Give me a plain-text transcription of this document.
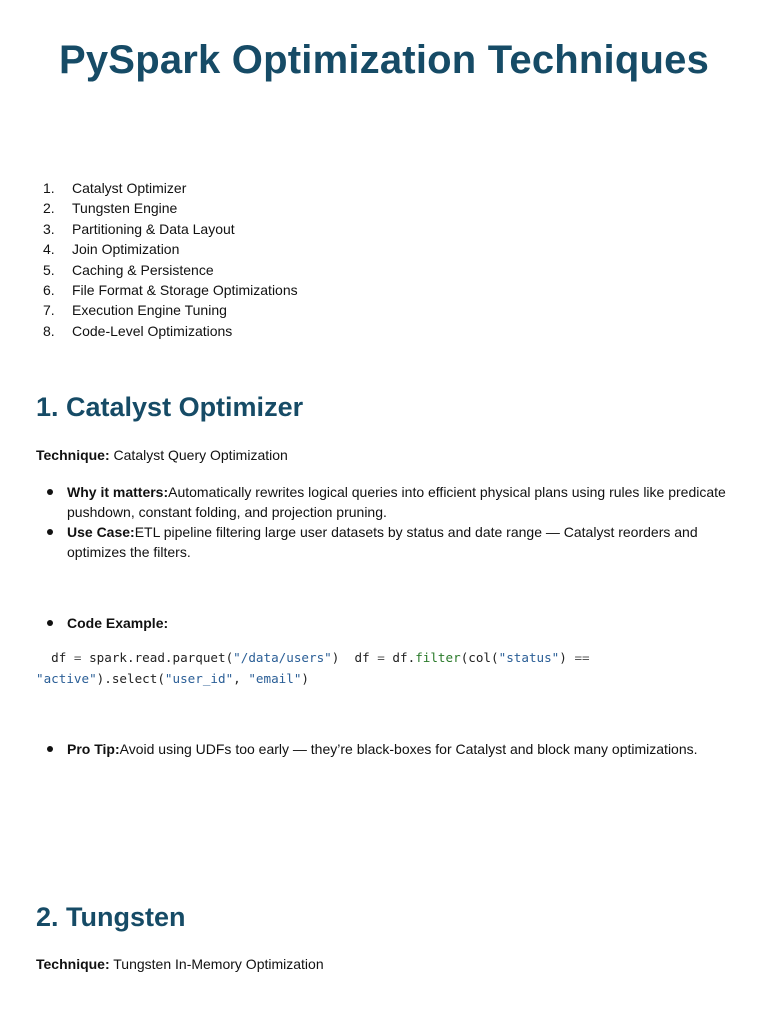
PySpark Optimization Techniques
1.	Catalyst Optimizer
2.	Tungsten Engine
3.	Partitioning & Data Layout
4.	Join Optimization
5.	Caching & Persistence
6.	File Format & Storage Optimizations
7.	Execution Engine Tuning
8.	Code-Level Optimizations
1. Catalyst Optimizer

Technique: Catalyst Query Optimization

Why it matters:Automatically rewrites logical queries into efficient physical plans using rules like predicate pushdown, constant folding, and projection pruning.
Use Case:ETL pipeline filtering large user datasets by status and date range — Catalyst reorders and optimizes the filters.
Code Example:
df = spark.read.parquet("/data/users")  df = df.filter(col("status") == "active").select("user_id", "email")
Pro Tip:Avoid using UDFs too early — they’re black-boxes for Catalyst and block many optimizations.
2. Tungsten

Technique: Tungsten In-Memory Optimization
